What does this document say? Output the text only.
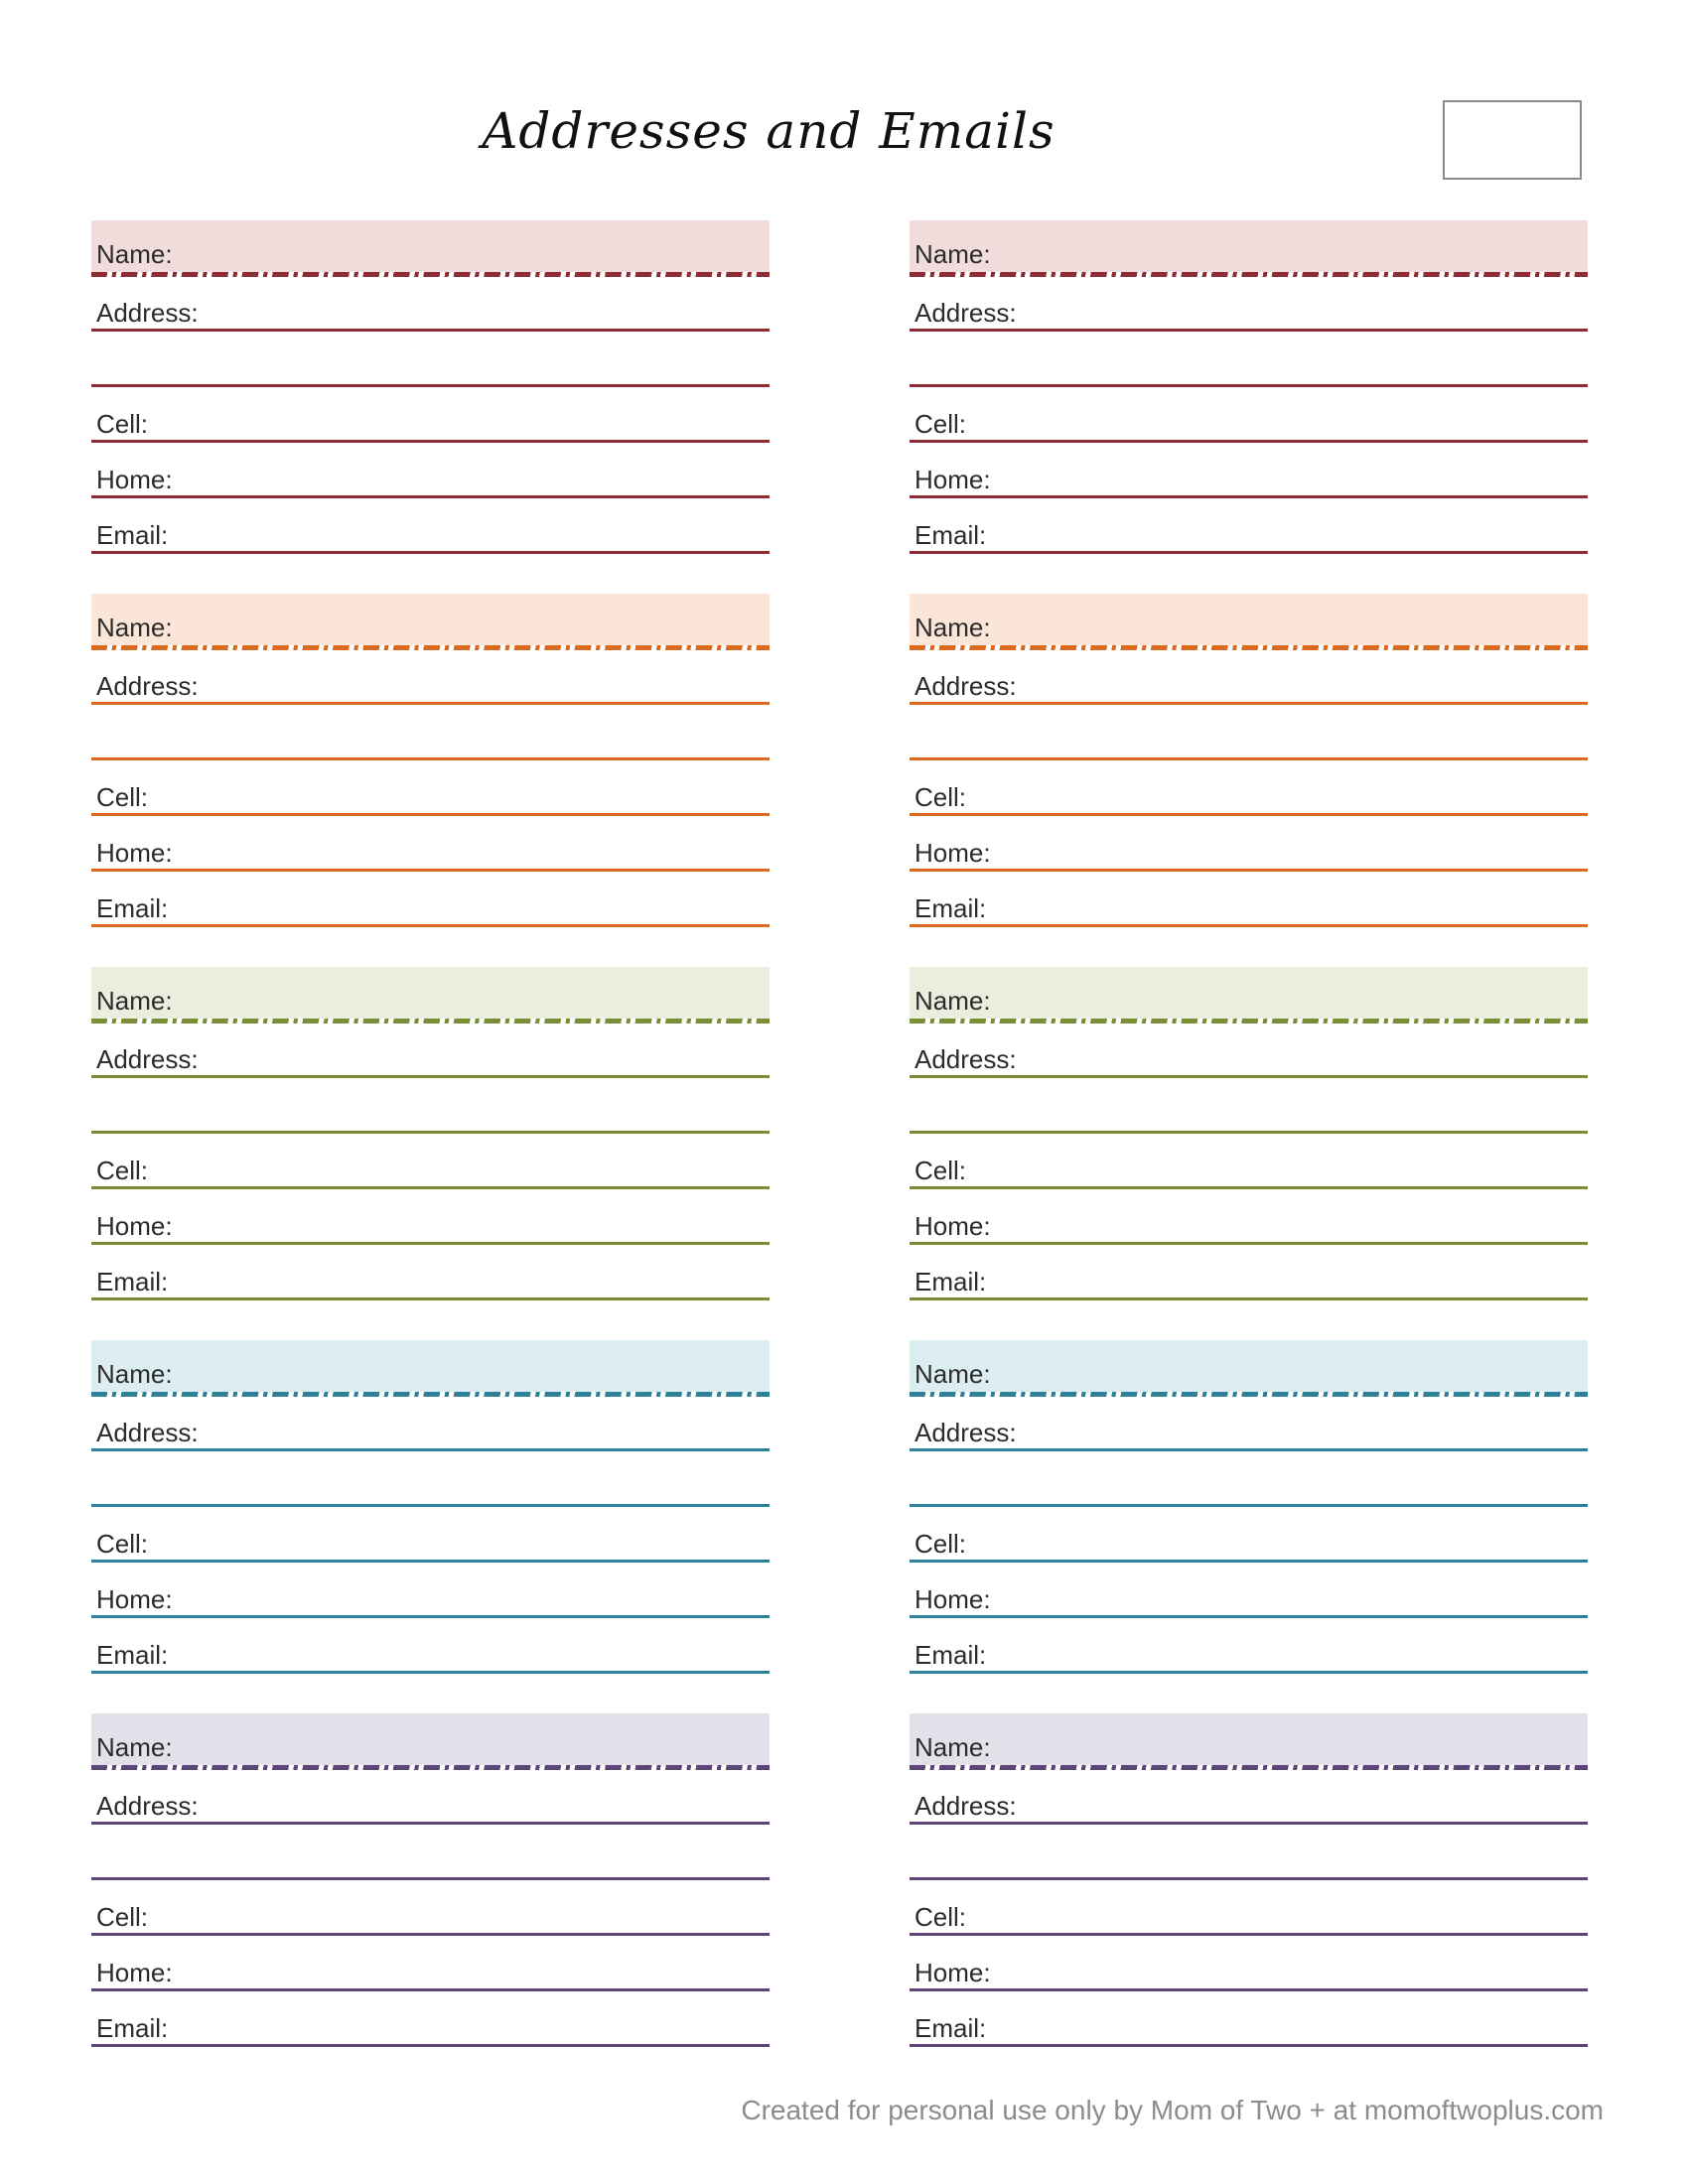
Addresses and Emails
Name:
Address:
Cell:
Home:
Email:
Name:
Address:
Cell:
Home:
Email:
Name:
Address:
Cell:
Home:
Email:
Name:
Address:
Cell:
Home:
Email:
Name:
Address:
Cell:
Home:
Email:
Name:
Address:
Cell:
Home:
Email:
Name:
Address:
Cell:
Home:
Email:
Name:
Address:
Cell:
Home:
Email:
Name:
Address:
Cell:
Home:
Email:
Name:
Address:
Cell:
Home:
Email:
Created for personal use only by Mom of Two + at momoftwoplus.com
